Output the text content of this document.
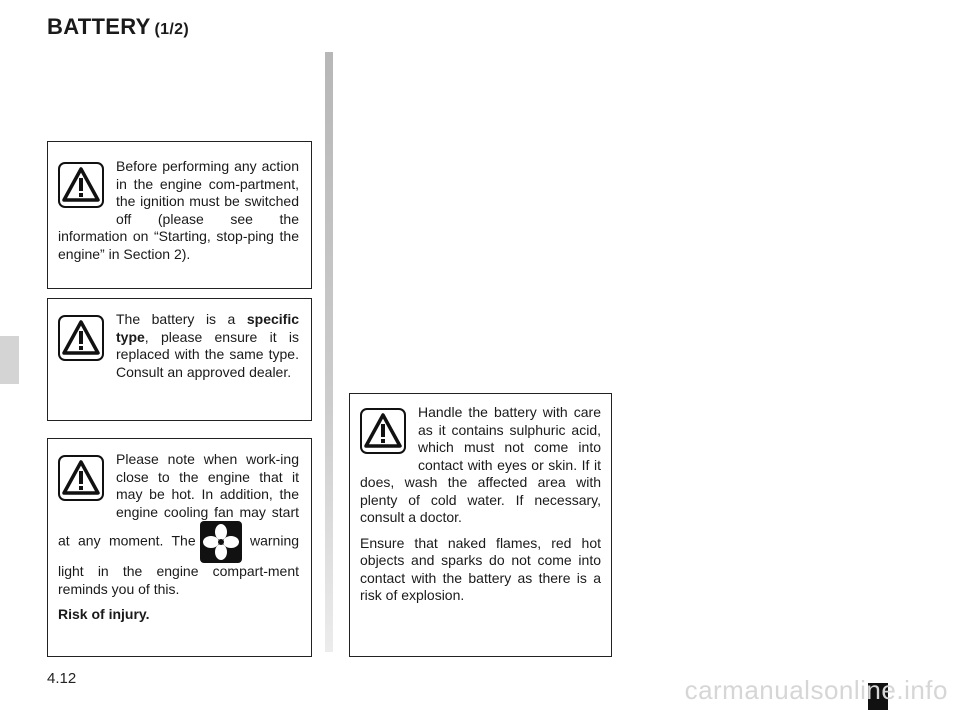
BATTERY (1/2)

Before performing any action in the engine com-partment, the ignition must be switched off (please see the information on “Starting, stop-ping the engine” in Section 2).

The battery is a specific type, please ensure it is replaced with the same type. Consult an approved dealer.

Please note when work-ing close to the engine that it may be hot. In addition, the engine cooling fan may start at any moment. The	warning light in the engine compart-ment reminds you of this.

Risk of injury.

Handle the battery with care as it contains sulphuric acid, which must not come into contact with eyes or skin. If it does, wash the affected area with plenty of cold water. If necessary, consult a doctor.

Ensure that naked flames, red hot objects and sparks do not come into contact with the battery as there is a risk of explosion.

4.12	carmanualsonline.info
